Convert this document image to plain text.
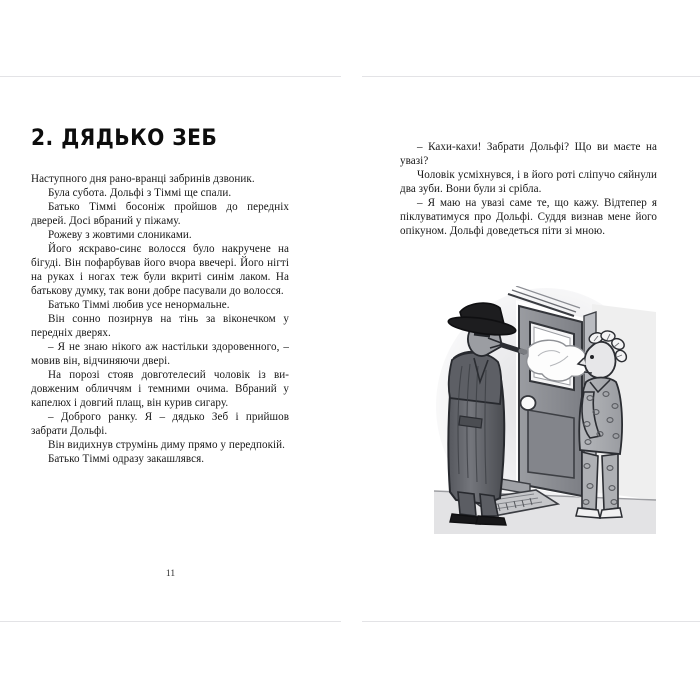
2. ДЯДЬКО ЗЕБ

Наступного дня рано-вранці забринів дзвоник.

Була субота. Дольфі з Тіммі ще спали.

Батько Тіммі босоніж пройшов до передніх дверей. Досі вбраний у піжаму.

Рожеву з жовтими слониками.

Його яскраво-синє волосся було накручене на бігуді. Він пофарбував його вчора ввечері. Його нігті на руках і ногах теж були вкриті синім лаком. На батькову думку, так вони добре пасували до волосся.

Батько Тіммі любив усе ненормальне.

Він сонно позирнув на тінь за віконечком у передніх дверях.

– Я не знаю нікого аж настільки здоровенного, – мовив він, відчиняючи двері.

На порозі стояв довготелесий чоловік із видовженим обличчям і темними очима. Вбраний у капелюх і довгий плащ, він курив сигару.

– Доброго ранку. Я – дядько Зеб і прийшов забрати Дольфі.

Він видихнув струмінь диму прямо у передпокій.

Батько Тіммі одразу закашлявся.

11

– Кахи-кахи! Забрати Дольфі? Що ви маєте на увазі?

Чоловік усміхнувся, і в його роті сліпучо сяйнули два зуби. Вони були зі срібла.

– Я маю на увазі саме те, що кажу. Відтепер я піклуватимуся про Дольфі. Суддя визнав мене його опікуном. Дольфі доведеться піти зі мною.
